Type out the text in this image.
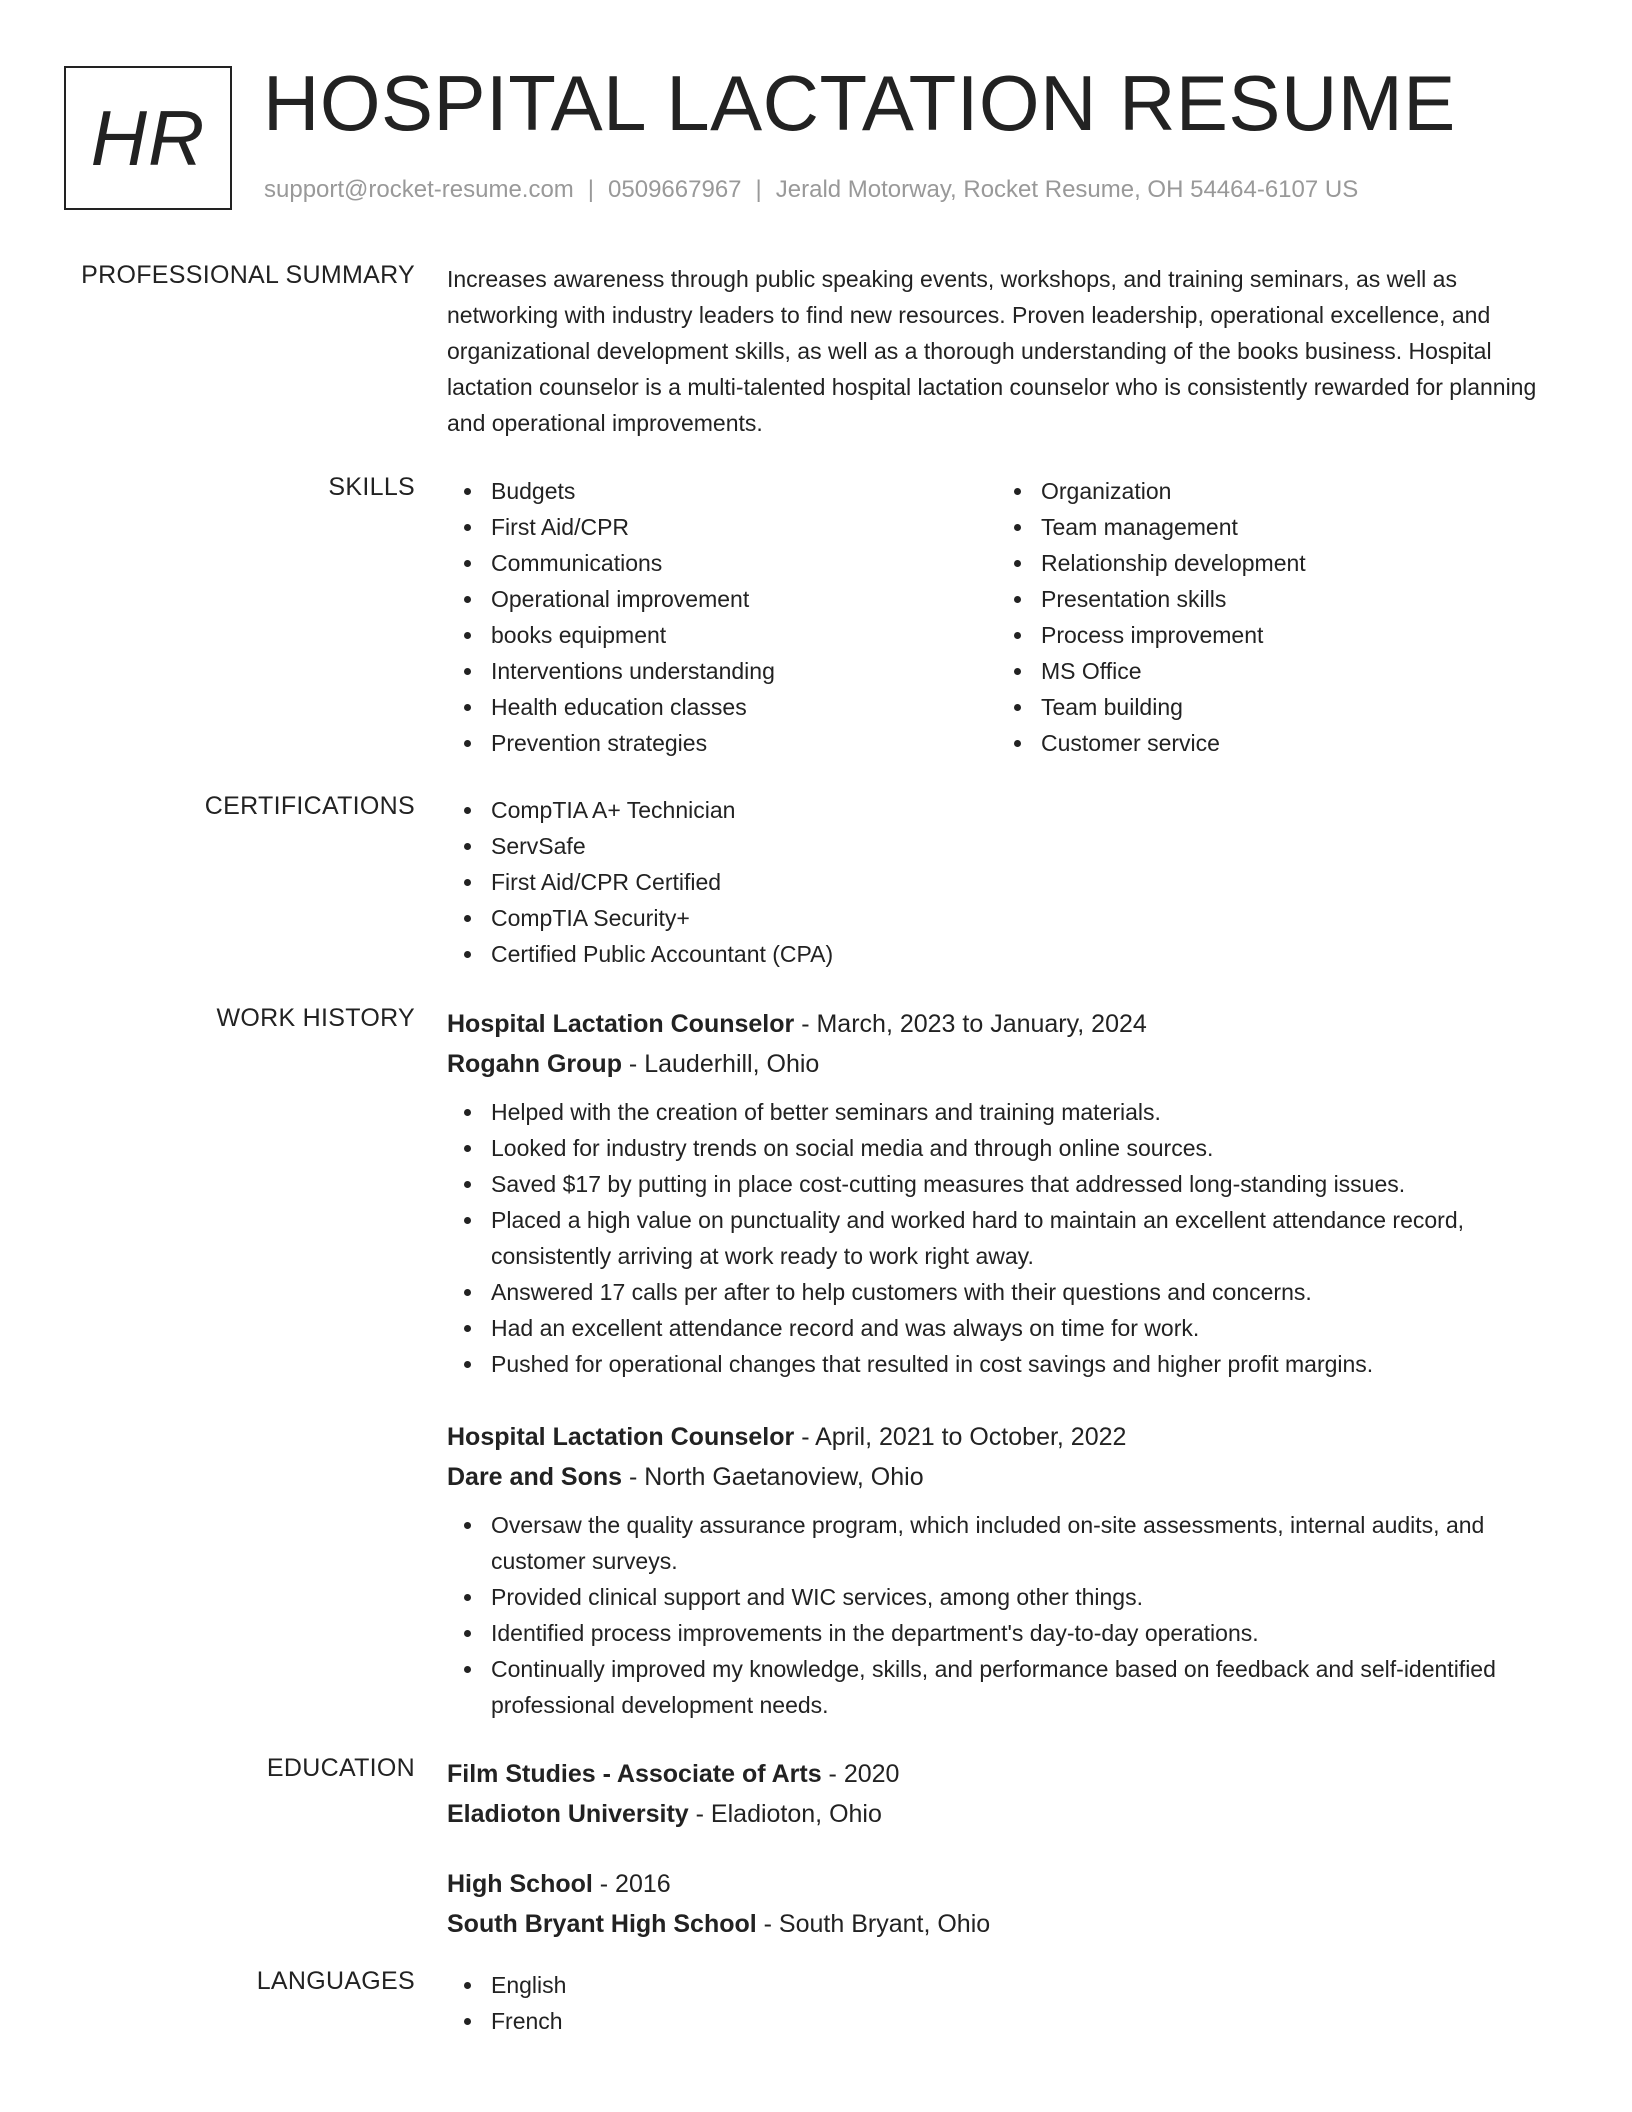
HR HOSPITAL LACTATION RESUME
support@rocket-resume.com | 0509667967 | Jerald Motorway, Rocket Resume, OH 54464-6107 US
PROFESSIONAL SUMMARY Increases awareness through public speaking events, workshops, and training seminars, as well as networking with industry leaders to find new resources. Proven leadership, operational excellence, and organizational development skills, as well as a thorough understanding of the books business. Hospital lactation counselor is a multi-talented hospital lactation counselor who is consistently rewarded for planning and operational improvements.
SKILLS	Budgets
First Aid/CPR
Communications
Operational improvement
books equipment
Interventions understanding
Health education classes
Prevention strategies
Organization
Team management
Relationship development
Presentation skills
Process improvement
MS Office
Team building
Customer service
CERTIFICATIONS	CompTIA A+ Technician
ServSafe
First Aid/CPR Certified
CompTIA Security+
Certified Public Accountant (CPA)
WORK HISTORY Hospital Lactation Counselor - March, 2023 to January, 2024
Rogahn Group - Lauderhill, Ohio
Helped with the creation of better seminars and training materials.
Looked for industry trends on social media and through online sources.
Saved $17 by putting in place cost-cutting measures that addressed long-standing issues.
Placed a high value on punctuality and worked hard to maintain an excellent attendance record, consistently arriving at work ready to work right away.
Answered 17 calls per after to help customers with their questions and concerns.
Had an excellent attendance record and was always on time for work.
Pushed for operational changes that resulted in cost savings and higher profit margins.
Hospital Lactation Counselor - April, 2021 to October, 2022
Dare and Sons - North Gaetanoview, Ohio
Oversaw the quality assurance program, which included on-site assessments, internal audits, and customer surveys.
Provided clinical support and WIC services, among other things.
Identified process improvements in the department's day-to-day operations.
Continually improved my knowledge, skills, and performance based on feedback and self-identified professional development needs.
EDUCATION Film Studies - Associate of Arts - 2020
Eladioton University - Eladioton, Ohio
High School - 2016
South Bryant High School - South Bryant, Ohio
LANGUAGES	English
French
